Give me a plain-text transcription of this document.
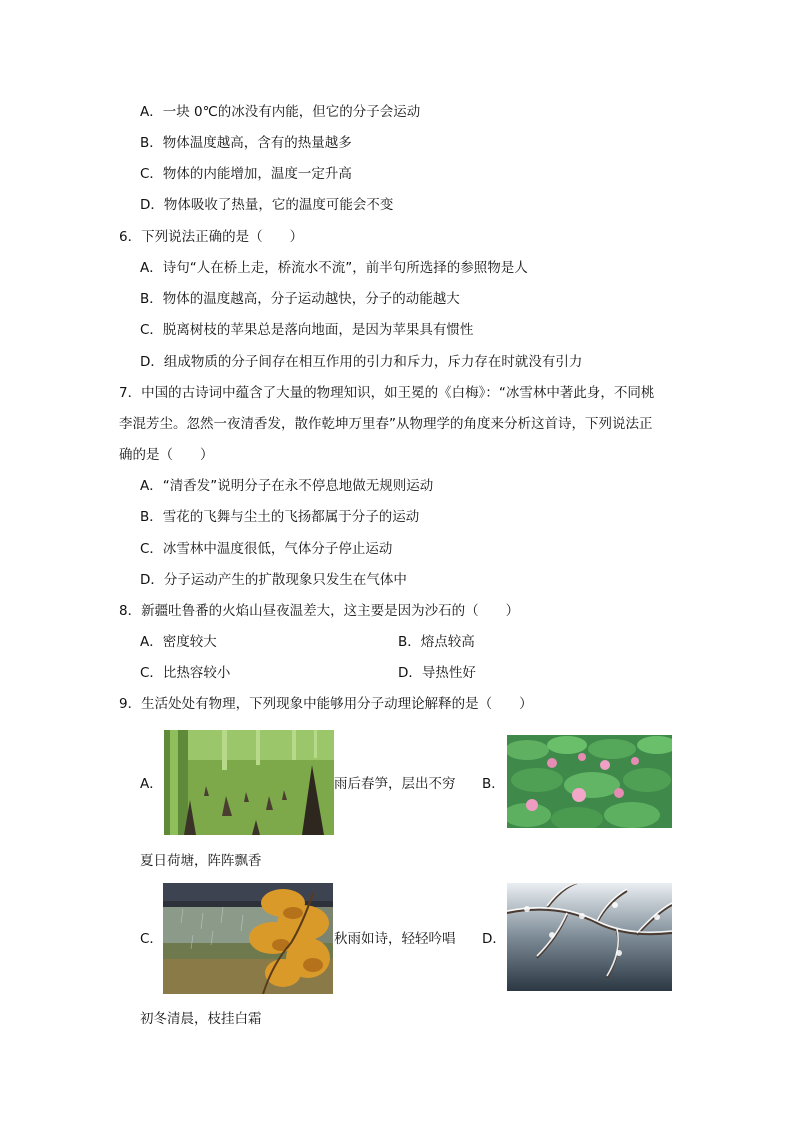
A．一块 0℃的冰没有内能，但它的分子会运动
B．物体温度越高，含有的热量越多
C．物体的内能增加，温度一定升高
D．物体吸收了热量，它的温度可能会不变
6．下列说法正确的是（　　）
A．诗句“人在桥上走，桥流水不流”，前半句所选择的参照物是人
B．物体的温度越高，分子运动越快，分子的动能越大
C．脱离树枝的苹果总是落向地面，是因为苹果具有惯性
D．组成物质的分子间存在相互作用的引力和斥力，斥力存在时就没有引力
7．中国的古诗词中蕴含了大量的物理知识，如王冕的《白梅》：“冰雪林中著此身，不同桃
李混芳尘。忽然一夜清香发，散作乾坤万里春”从物理学的角度来分析这首诗，下列说法正
确的是（　　）
A．“清香发”说明分子在永不停息地做无规则运动
B．雪花的飞舞与尘土的飞扬都属于分子的运动
C．冰雪林中温度很低，气体分子停止运动
D．分子运动产生的扩散现象只发生在气体中
8．新疆吐鲁番的火焰山昼夜温差大，这主要是因为沙石的（　　）
A．密度较大	B．熔点较高
C．比热容较小	D．导热性好
9．生活处处有物理，下列现象中能够用分子动理论解释的是（　　）
A．	雨后春笋，层出不穷 B．
夏日荷塘，阵阵飘香
C．	秋雨如诗，轻轻吟唱 D．
初冬清晨，枝挂白霜
